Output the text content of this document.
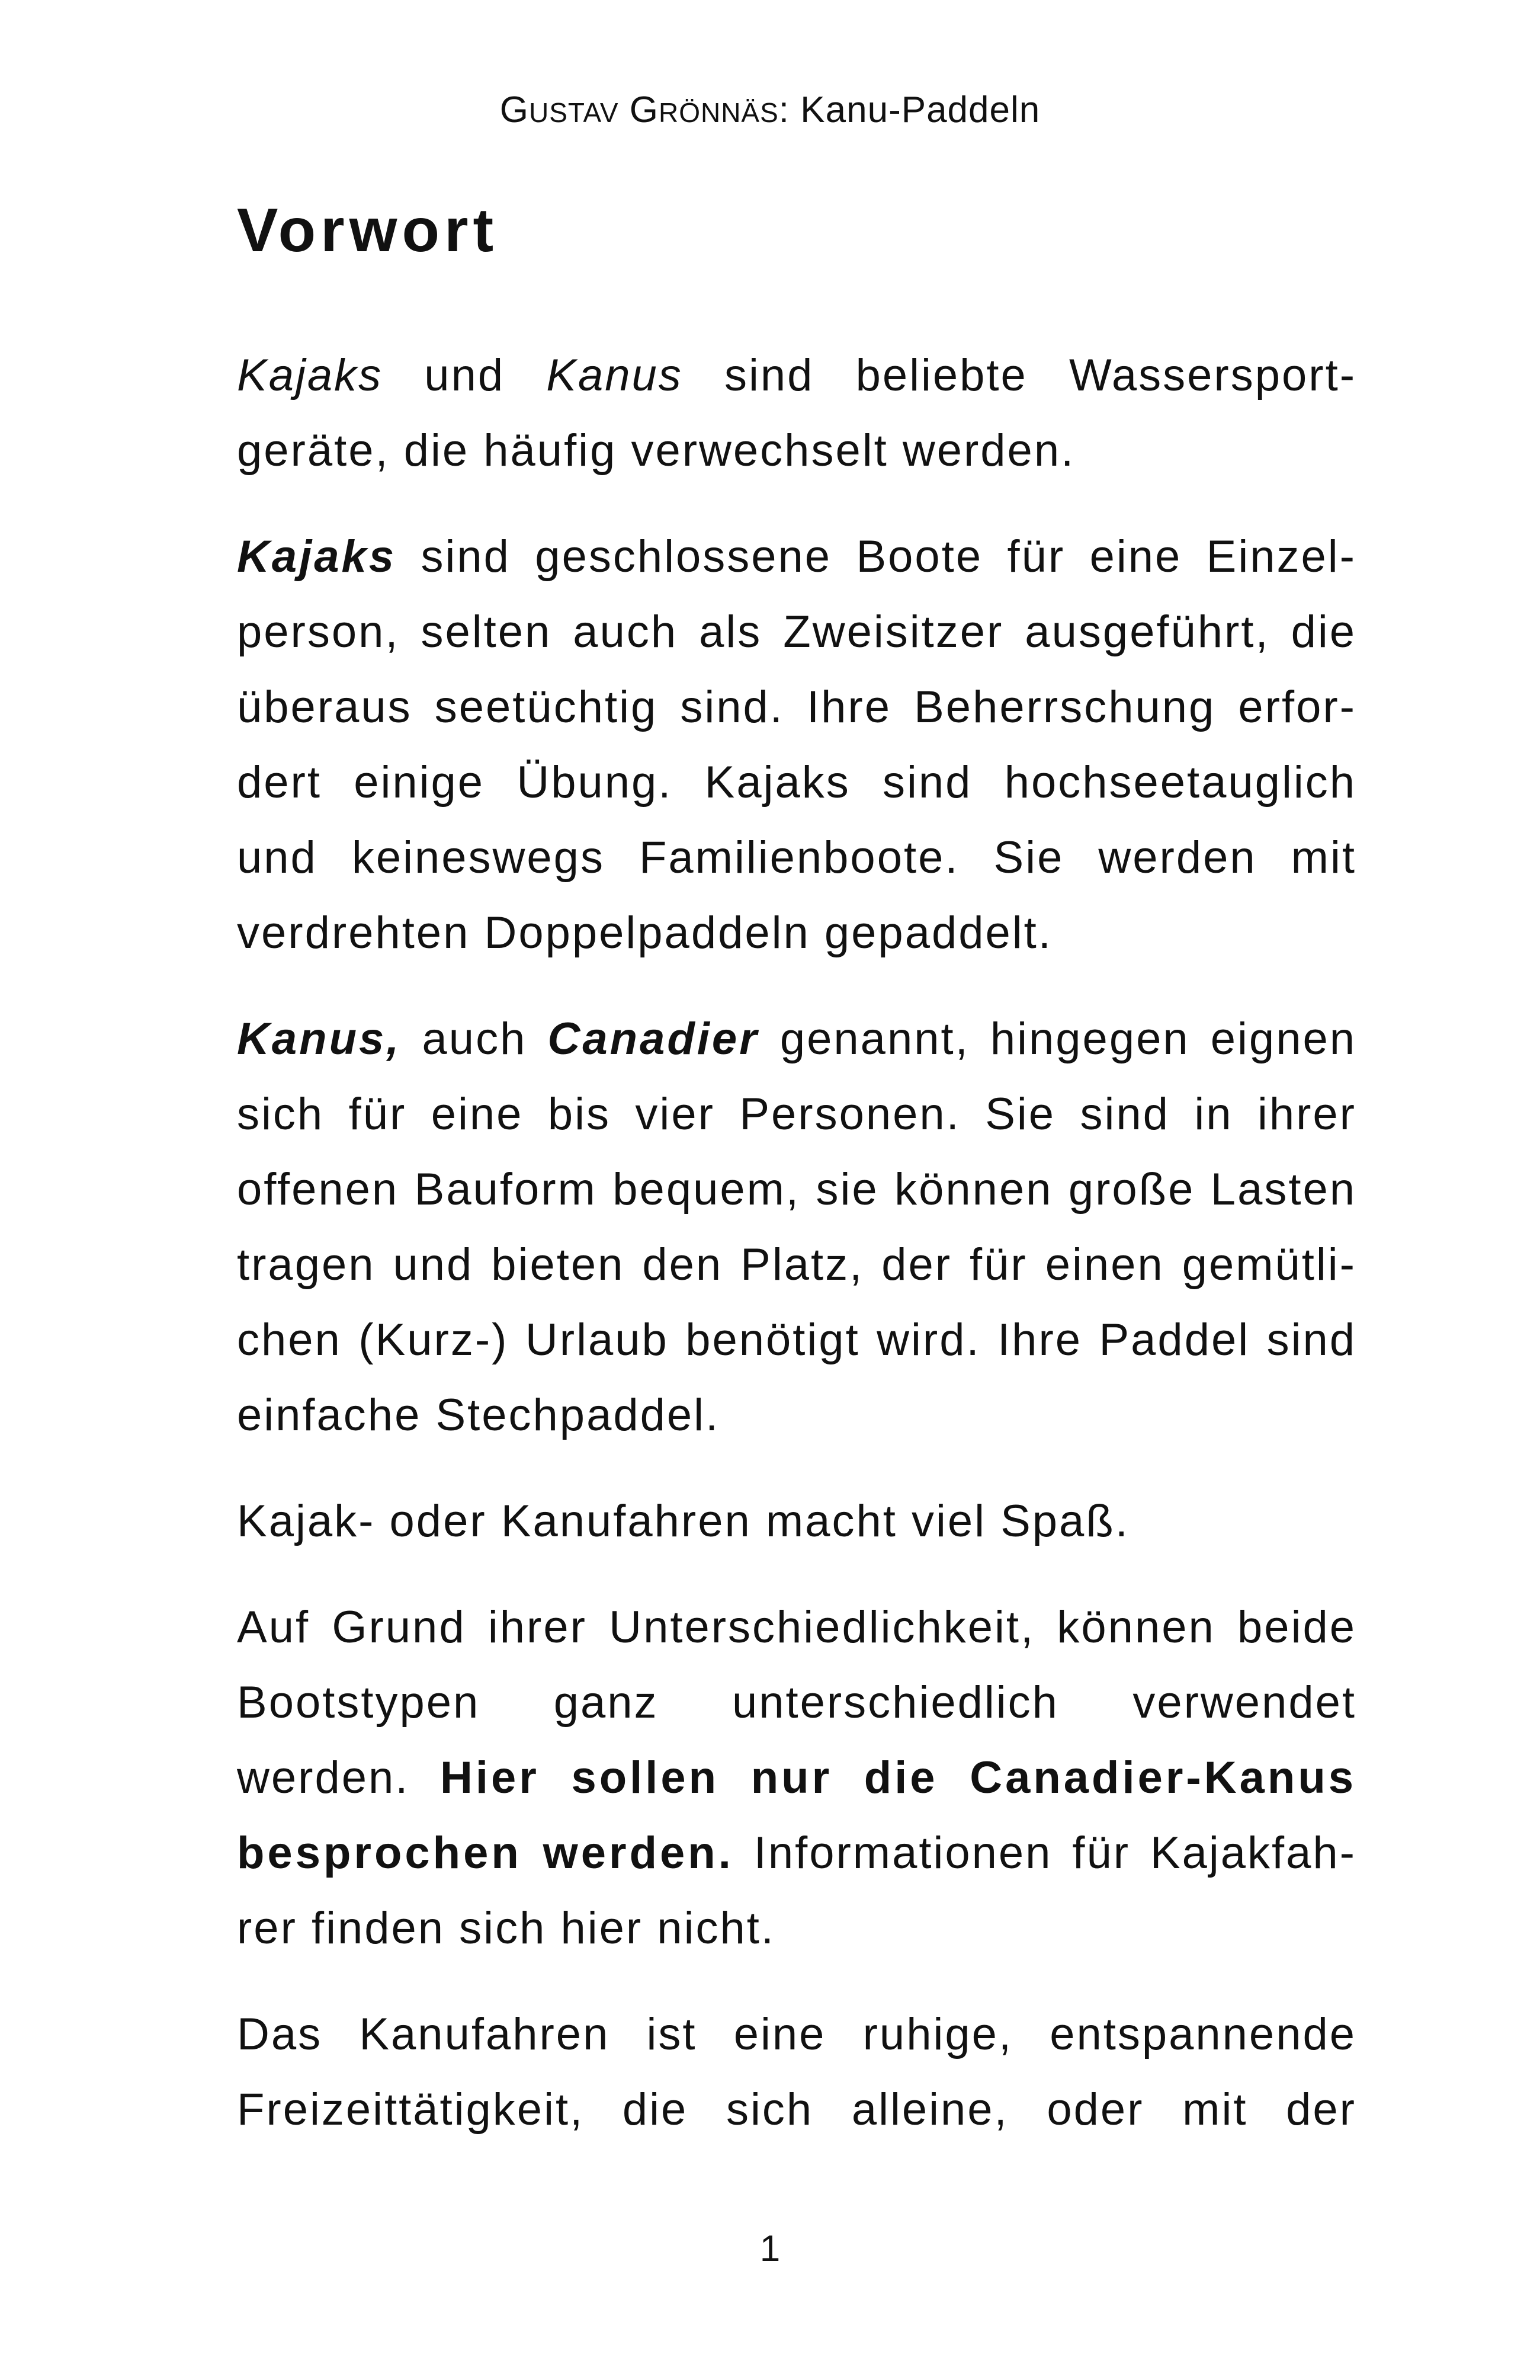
GUSTAV GRÖNNÄS: Kanu-Paddeln
Vorwort

Kajaks und Kanus sind beliebte Wassersport-
geräte, die häufig verwechselt werden.

Kajaks sind geschlossene Boote für eine Einzel-
person, selten auch als Zweisitzer ausgeführt, die
überaus seetüchtig sind. Ihre Beherrschung erfor-
dert einige Übung. Kajaks sind hochseetauglich
und keineswegs Familienboote. Sie werden mit
verdrehten Doppelpaddeln gepaddelt.

Kanus, auch Canadier genannt, hingegen eignen
sich für eine bis vier Personen. Sie sind in ihrer
offenen Bauform bequem, sie können große Lasten
tragen und bieten den Platz, der für einen gemütli-
chen (Kurz-) Urlaub benötigt wird. Ihre Paddel sind
einfache Stechpaddel.

Kajak- oder Kanufahren macht viel Spaß.

Auf Grund ihrer Unterschiedlichkeit, können beide
Bootstypen ganz unterschiedlich verwendet
werden. Hier sollen nur die Canadier-Kanus
besprochen werden. Informationen für Kajakfah-
rer finden sich hier nicht.

Das Kanufahren ist eine ruhige, entspannende
Freizeittätigkeit, die sich alleine, oder mit der

1
